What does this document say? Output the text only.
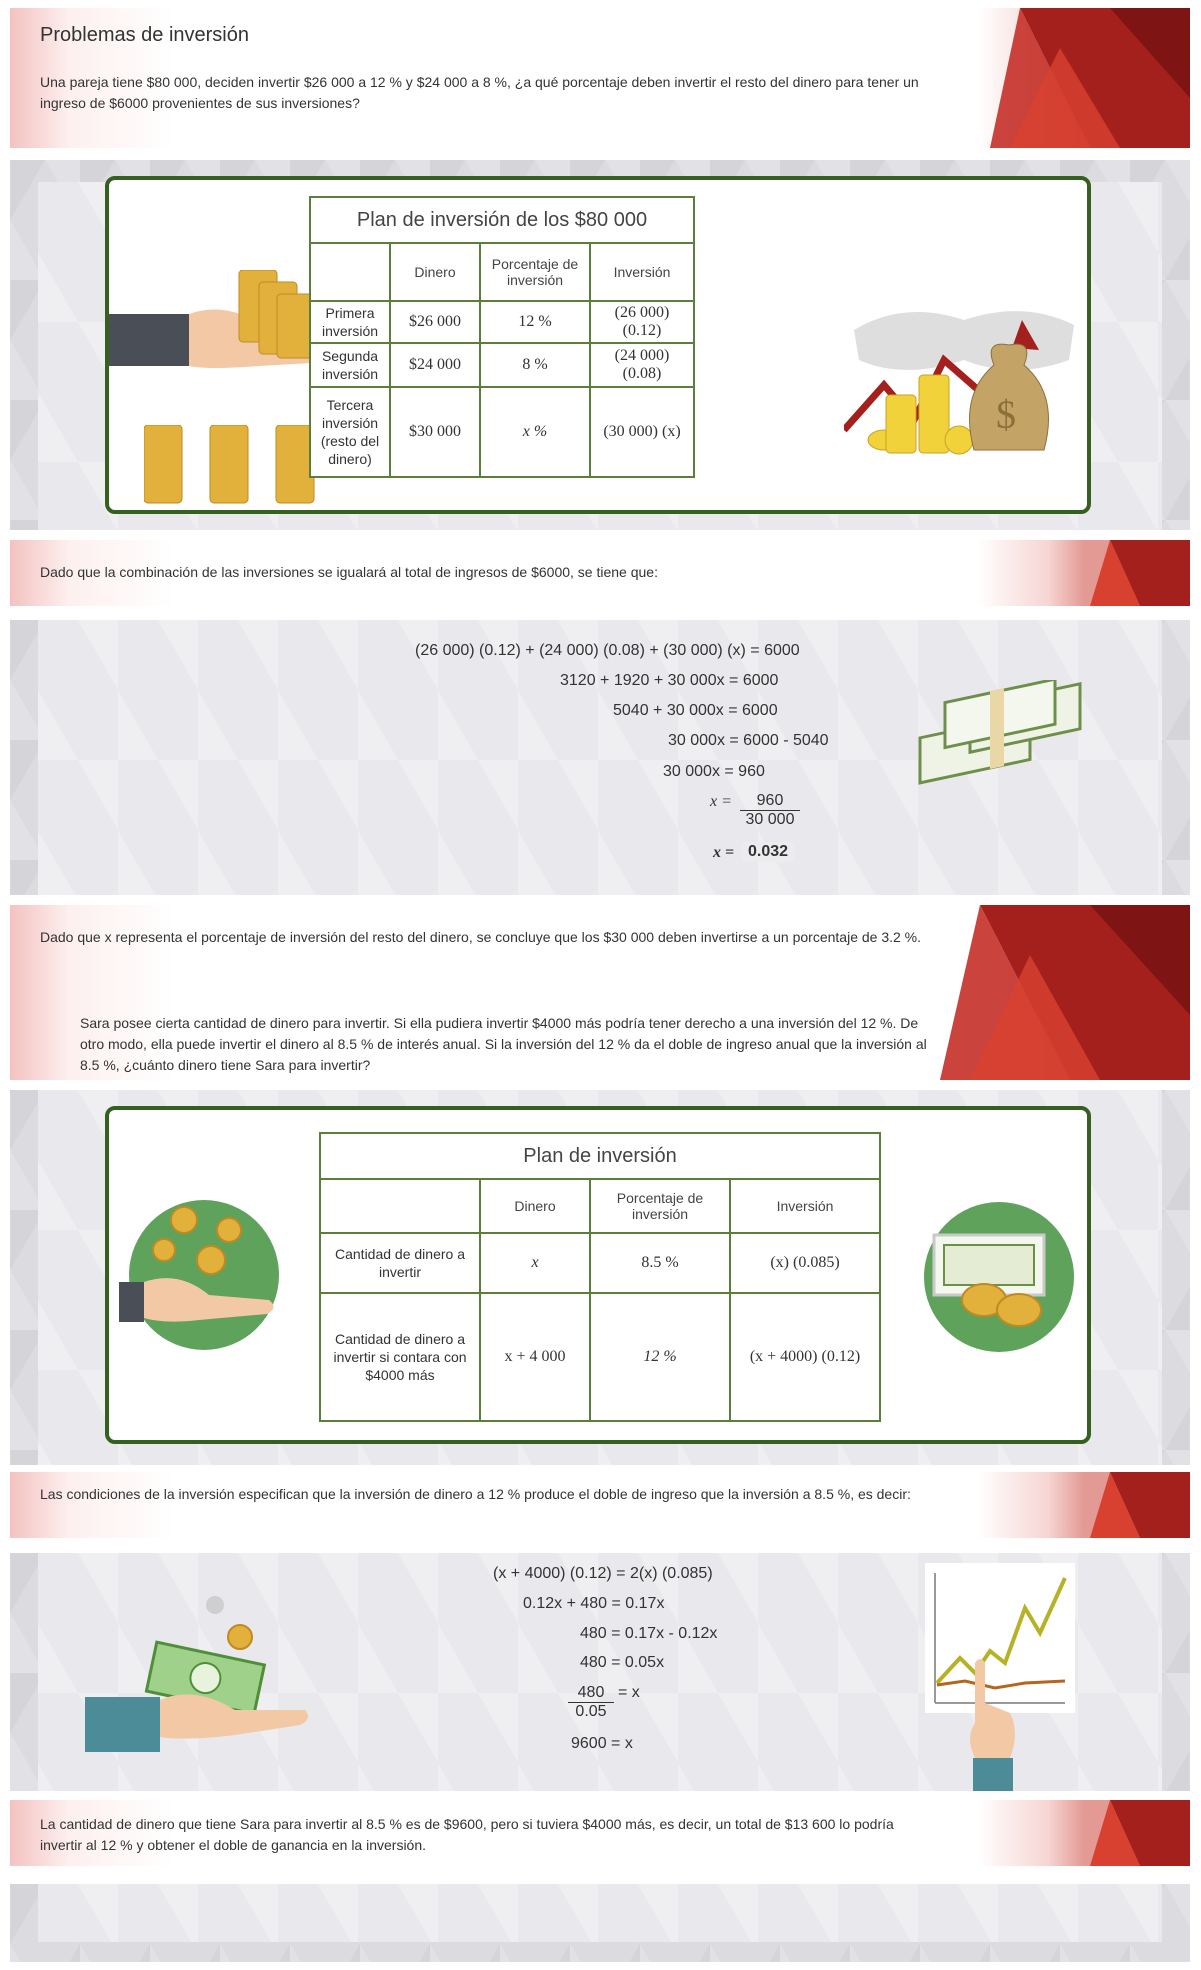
Problemas de inversión

Una pareja tiene $80 000, deciden invertir $26 000 a 12 % y $24 000 a 8 %, ¿a qué porcentaje deben invertir el resto del dinero para tener un ingreso de $6000 provenientes de sus inversiones?

$
Plan de inversión de los $80 000			
	Dinero	Porcentaje de inversión	Inversión
Primera inversión	$26 000	12 %	(26 000) (0.12)
Segunda inversión	$24 000	8 %	(24 000) (0.08)
Tercera inversión (resto del dinero)	$30 000	x %	(30 000) (x)

Dado que la combinación de las inversiones se igualará al total de ingresos de $6000, se tiene que:

(26 000) (0.12) + (24 000) (0.08) + (30 000) (x) = 6000
3120 + 1920 + 30 000x = 6000
5040 + 30 000x = 6000
30 000x = 6000 - 5040
30 000x = 960
$x = \frac{960}{30 000}$
x = 0.032

Dado que x representa el porcentaje de inversión del resto del dinero, se concluye que los $30 000 deben invertirse a un porcentaje de 3.2 %.

Sara posee cierta cantidad de dinero para invertir. Si ella pudiera invertir $4000 más podría tener derecho a una inversión del 12 %. De otro modo, ella puede invertir el dinero al 8.5 % de interés anual. Si la inversión del 12 % da el doble de ingreso anual que la inversión al 8.5 %, ¿cuánto dinero tiene Sara para invertir?

Plan de inversión			
	Dinero	Porcentaje de inversión	Inversión
Cantidad de dinero a invertir	x	8.5 %	(x) (0.085)
Cantidad de dinero a invertir si contara con $4000 más	x + 4 000	12 %	(x + 4000) (0.12)

Las condiciones de la inversión especifican que la inversión de dinero a 12 % produce el doble de ingreso que la inversión a 8.5 %, es decir:

(x + 4000) (0.12) = 2(x) (0.085)
0.12x + 480 = 0.17x
480 = 0.17x - 0.12x
480 = 0.05x
$\frac{480}{0.05} = x$
9600 = x

La cantidad de dinero que tiene Sara para invertir al 8.5 % es de $9600, pero si tuviera $4000 más, es decir, un total de $13 600 lo podría invertir al 12 % y obtener el doble de ganancia en la inversión.
